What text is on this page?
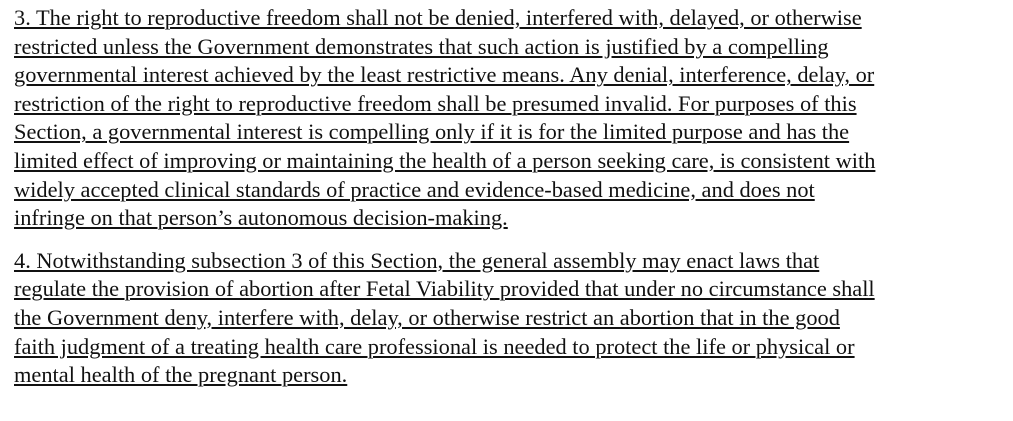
3. The right to reproductive freedom shall not be denied, interfered with, delayed, or otherwise
restricted unless the Government demonstrates that such action is justified by a compelling
governmental interest achieved by the least restrictive means. Any denial, interference, delay, or
restriction of the right to reproductive freedom shall be presumed invalid. For purposes of this
Section, a governmental interest is compelling only if it is for the limited purpose and has the
limited effect of improving or maintaining the health of a person seeking care, is consistent with
widely accepted clinical standards of practice and evidence-based medicine, and does not
infringe on that person’s autonomous decision-making.

4. Notwithstanding subsection 3 of this Section, the general assembly may enact laws that
regulate the provision of abortion after Fetal Viability provided that under no circumstance shall
the Government deny, interfere with, delay, or otherwise restrict an abortion that in the good
faith judgment of a treating health care professional is needed to protect the life or physical or
mental health of the pregnant person.
